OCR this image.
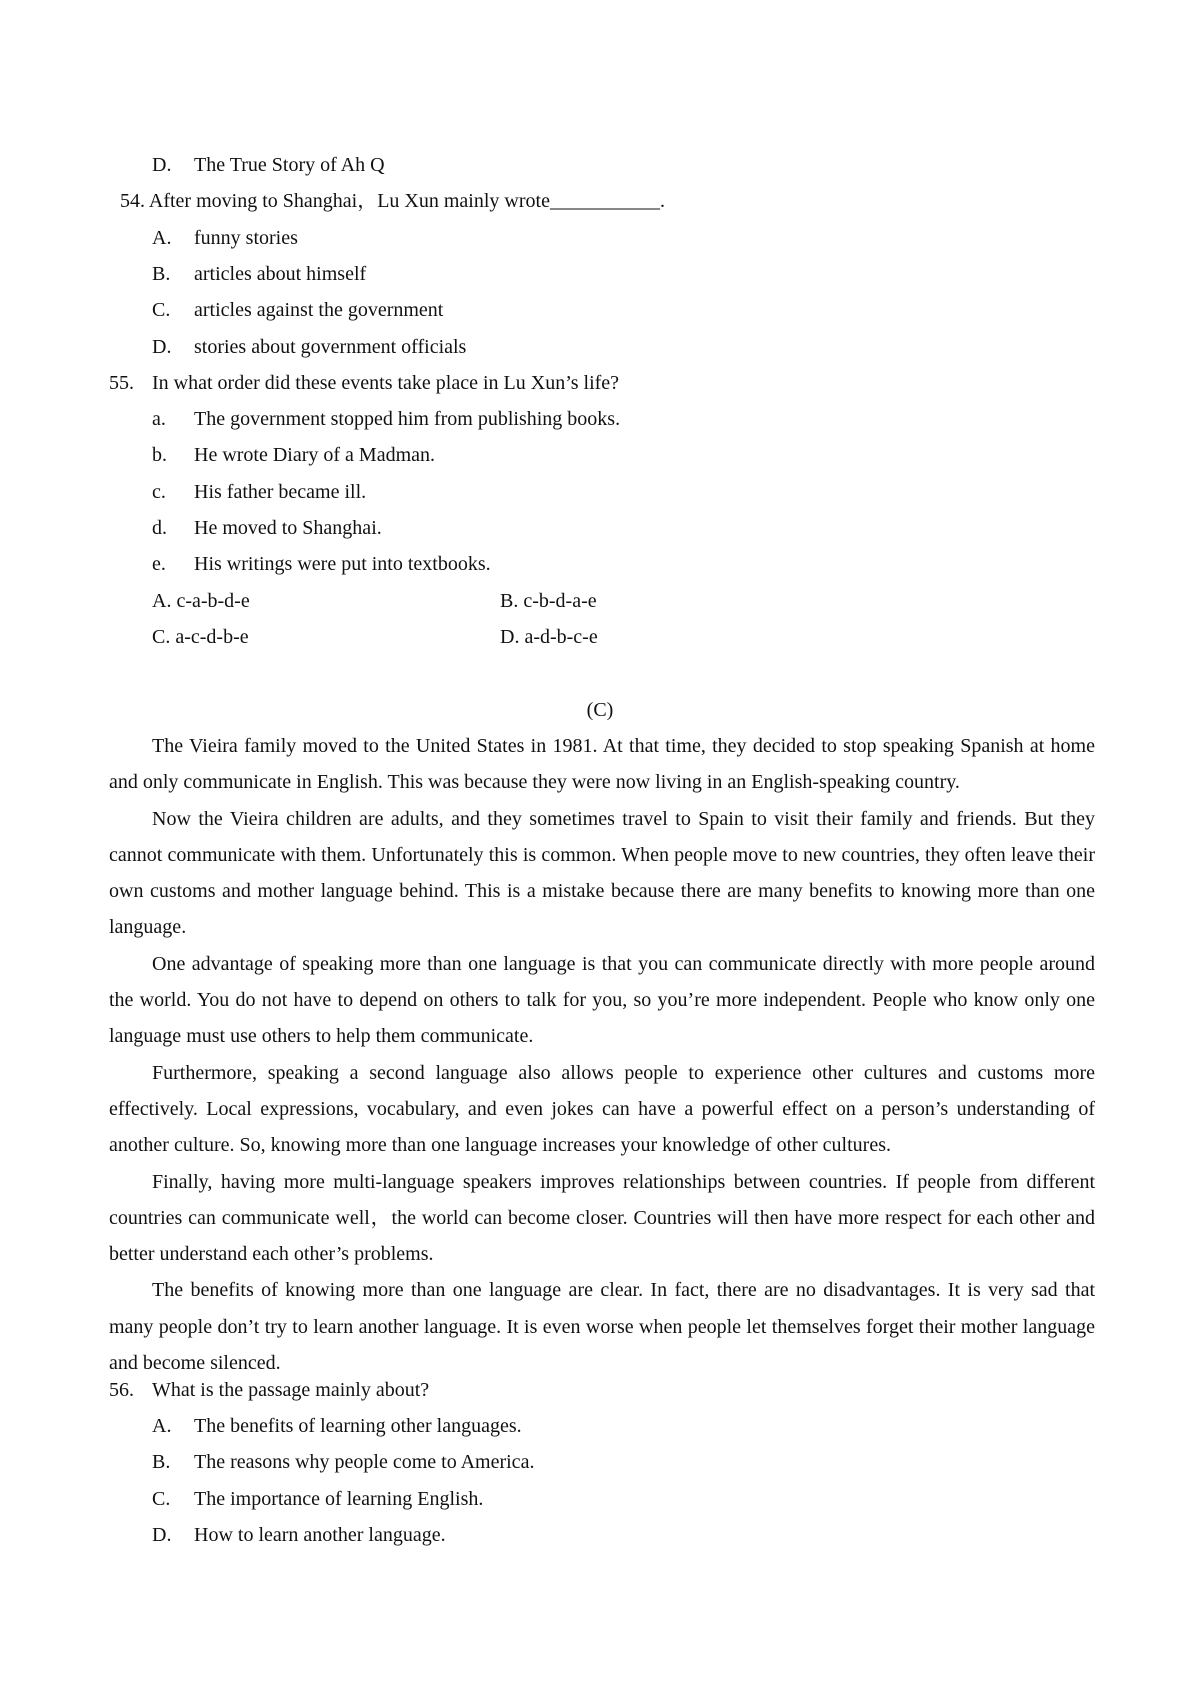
D. The True Story of Ah Q
54. After moving to Shanghai，Lu Xun mainly wrote___________.
A. funny stories
B. articles about himself
C. articles against the government
D. stories about government officials
55. In what order did these events take place in Lu Xun’s life?
a. The government stopped him from publishing books.
b. He wrote Diary of a Madman.
c. His father became ill.
d. He moved to Shanghai.
e. His writings were put into textbooks.
A. c-a-b-d-e	B. c-b-d-a-e
C. a-c-d-b-e	D. a-d-b-c-e
(C)

The Vieira family moved to the United States in 1981. At that time, they decided to stop speaking Spanish at home and only communicate in English. This was because they were now living in an English-speaking country.

Now the Vieira children are adults, and they sometimes travel to Spain to visit their family and friends. But they cannot communicate with them. Unfortunately this is common. When people move to new countries, they often leave their own customs and mother language behind. This is a mistake because there are many benefits to knowing more than one language.

One advantage of speaking more than one language is that you can communicate directly with more people around the world. You do not have to depend on others to talk for you, so you’re more independent. People who know only one language must use others to help them communicate.

Furthermore, speaking a second language also allows people to experience other cultures and customs more effectively. Local expressions, vocabulary, and even jokes can have a powerful effect on a person’s understanding of another culture. So, knowing more than one language increases your knowledge of other cultures.

Finally, having more multi-language speakers improves relationships between countries. If people from different countries can communicate well，the world can become closer. Countries will then have more respect for each other and better understand each other’s problems.

The benefits of knowing more than one language are clear. In fact, there are no disadvantages. It is very sad that many people don’t try to learn another language. It is even worse when people let themselves forget their mother language and become silenced.

56. What is the passage mainly about?
A. The benefits of learning other languages.
B. The reasons why people come to America.
C. The importance of learning English.
D. How to learn another language.
